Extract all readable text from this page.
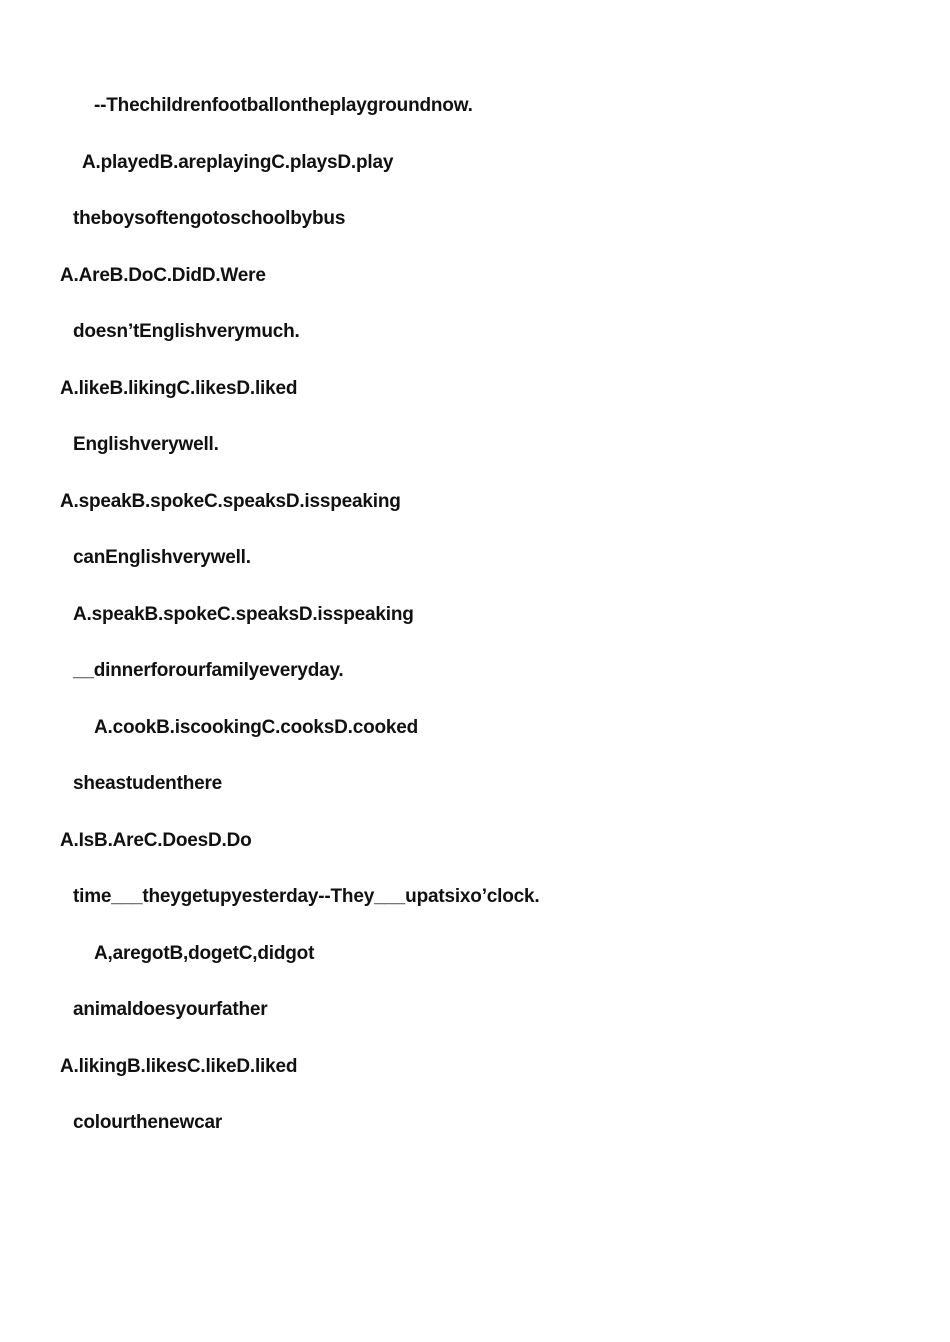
--Thechildrenfootballontheplaygroundnow.
A.playedB.areplayingC.playsD.play
theboysoftengotoschoolbybus
A.AreB.DoC.DidD.Were
doesn’tEnglishverymuch.
A.likeB.likingC.likesD.liked
Englishverywell.
A.speakB.spokeC.speaksD.isspeaking
canEnglishverywell.
A.speakB.spokeC.speaksD.isspeaking
__dinnerforourfamilyeveryday.
A.cookB.iscookingC.cooksD.cooked
sheastudenthere
A.IsB.AreC.DoesD.Do
time___theygetupyesterday--They___upatsixo’clock.
A,aregotB,dogetC,didgot
animaldoesyourfather
A.likingB.likesC.likeD.liked
colourthenewcar
